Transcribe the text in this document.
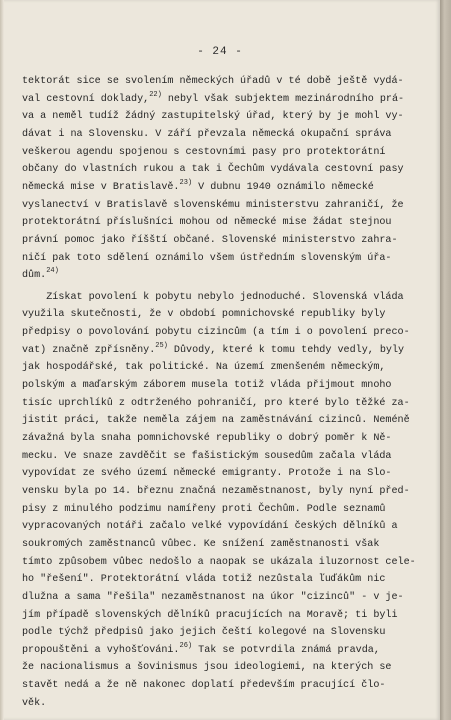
- 24 -
tektorát sice se svolením německých úřadů v té době ještě vydá-
val cestovní doklady,$^{22)}$ nebyl však subjektem mezinárodního prá-
va a neměl tudíž žádný zastupitelský úřad, který by je mohl vy-
dávat i na Slovensku. V září převzala německá okupační správa
veškerou agendu spojenou s cestovními pasy pro protektorátní
občany do vlastních rukou a tak i Čechům vydávala cestovní pasy
německá mise v Bratislavě.$^{23)}$ V dubnu 1940 oznámilo německé
vyslanectví v Bratislavě slovenskému ministerstvu zahraničí, že
protektorátní příslušníci mohou od německé mise žádat stejnou
právní pomoc jako říšští občané. Slovenské ministerstvo zahra-
ničí pak toto sdělení oznámilo všem ústředním slovenským úřa-
dům.$^{24)}$
Získat povolení k pobytu nebylo jednoduché. Slovenská vláda
využila skutečnosti, že v období pomnichovské republiky byly
předpisy o povolování pobytu cizincům (a tím i o povolení preco-
vat) značně zpřísněny.$^{25)}$ Důvody, které k tomu tehdy vedly, byly
jak hospodářské, tak politické. Na území zmenšeném německým,
polským a maďarským záborem musela totiž vláda přijmout mnoho
tisíc uprchlíků z odtrženého pohraničí, pro které bylo těžké za-
jistit práci, takže neměla zájem na zaměstnávání cizinců. Neméně
závažná byla snaha pomnichovské republiky o dobrý poměr k Ně-
mecku. Ve snaze zavděčit se fašistickým sousedům začala vláda
vypovídat ze svého území německé emigranty. Protože i na Slo-
vensku byla po 14. březnu značná nezaměstnanost, byly nyní před-
pisy z minulého podzimu namířeny proti Čechům. Podle seznamů
vypracovaných notáři začalo velké vypovídání českých dělníků a
soukromých zaměstnanců vůbec. Ke snížení zaměstnanosti však
tímto způsobem vůbec nedošlo a naopak se ukázala iluzornost cele-
ho "řešení". Protektorátní vláda totiž nezůstala ľuďákům nic
dlužna a sama "řešila" nezaměstnanost na úkor "cizinců" - v je-
jím případě slovenských dělníků pracujících na Moravě; ti byli
podle týchž předpisů jako jejich čeští kolegové na Slovensku
propouštěni a vyhošťováni.$^{26)}$ Tak se potvrdila známá pravda,
že nacionalismus a šovinismus jsou ideologiemi, na kterých se
stavět nedá a že ně nakonec doplatí především pracující člo-
věk.
